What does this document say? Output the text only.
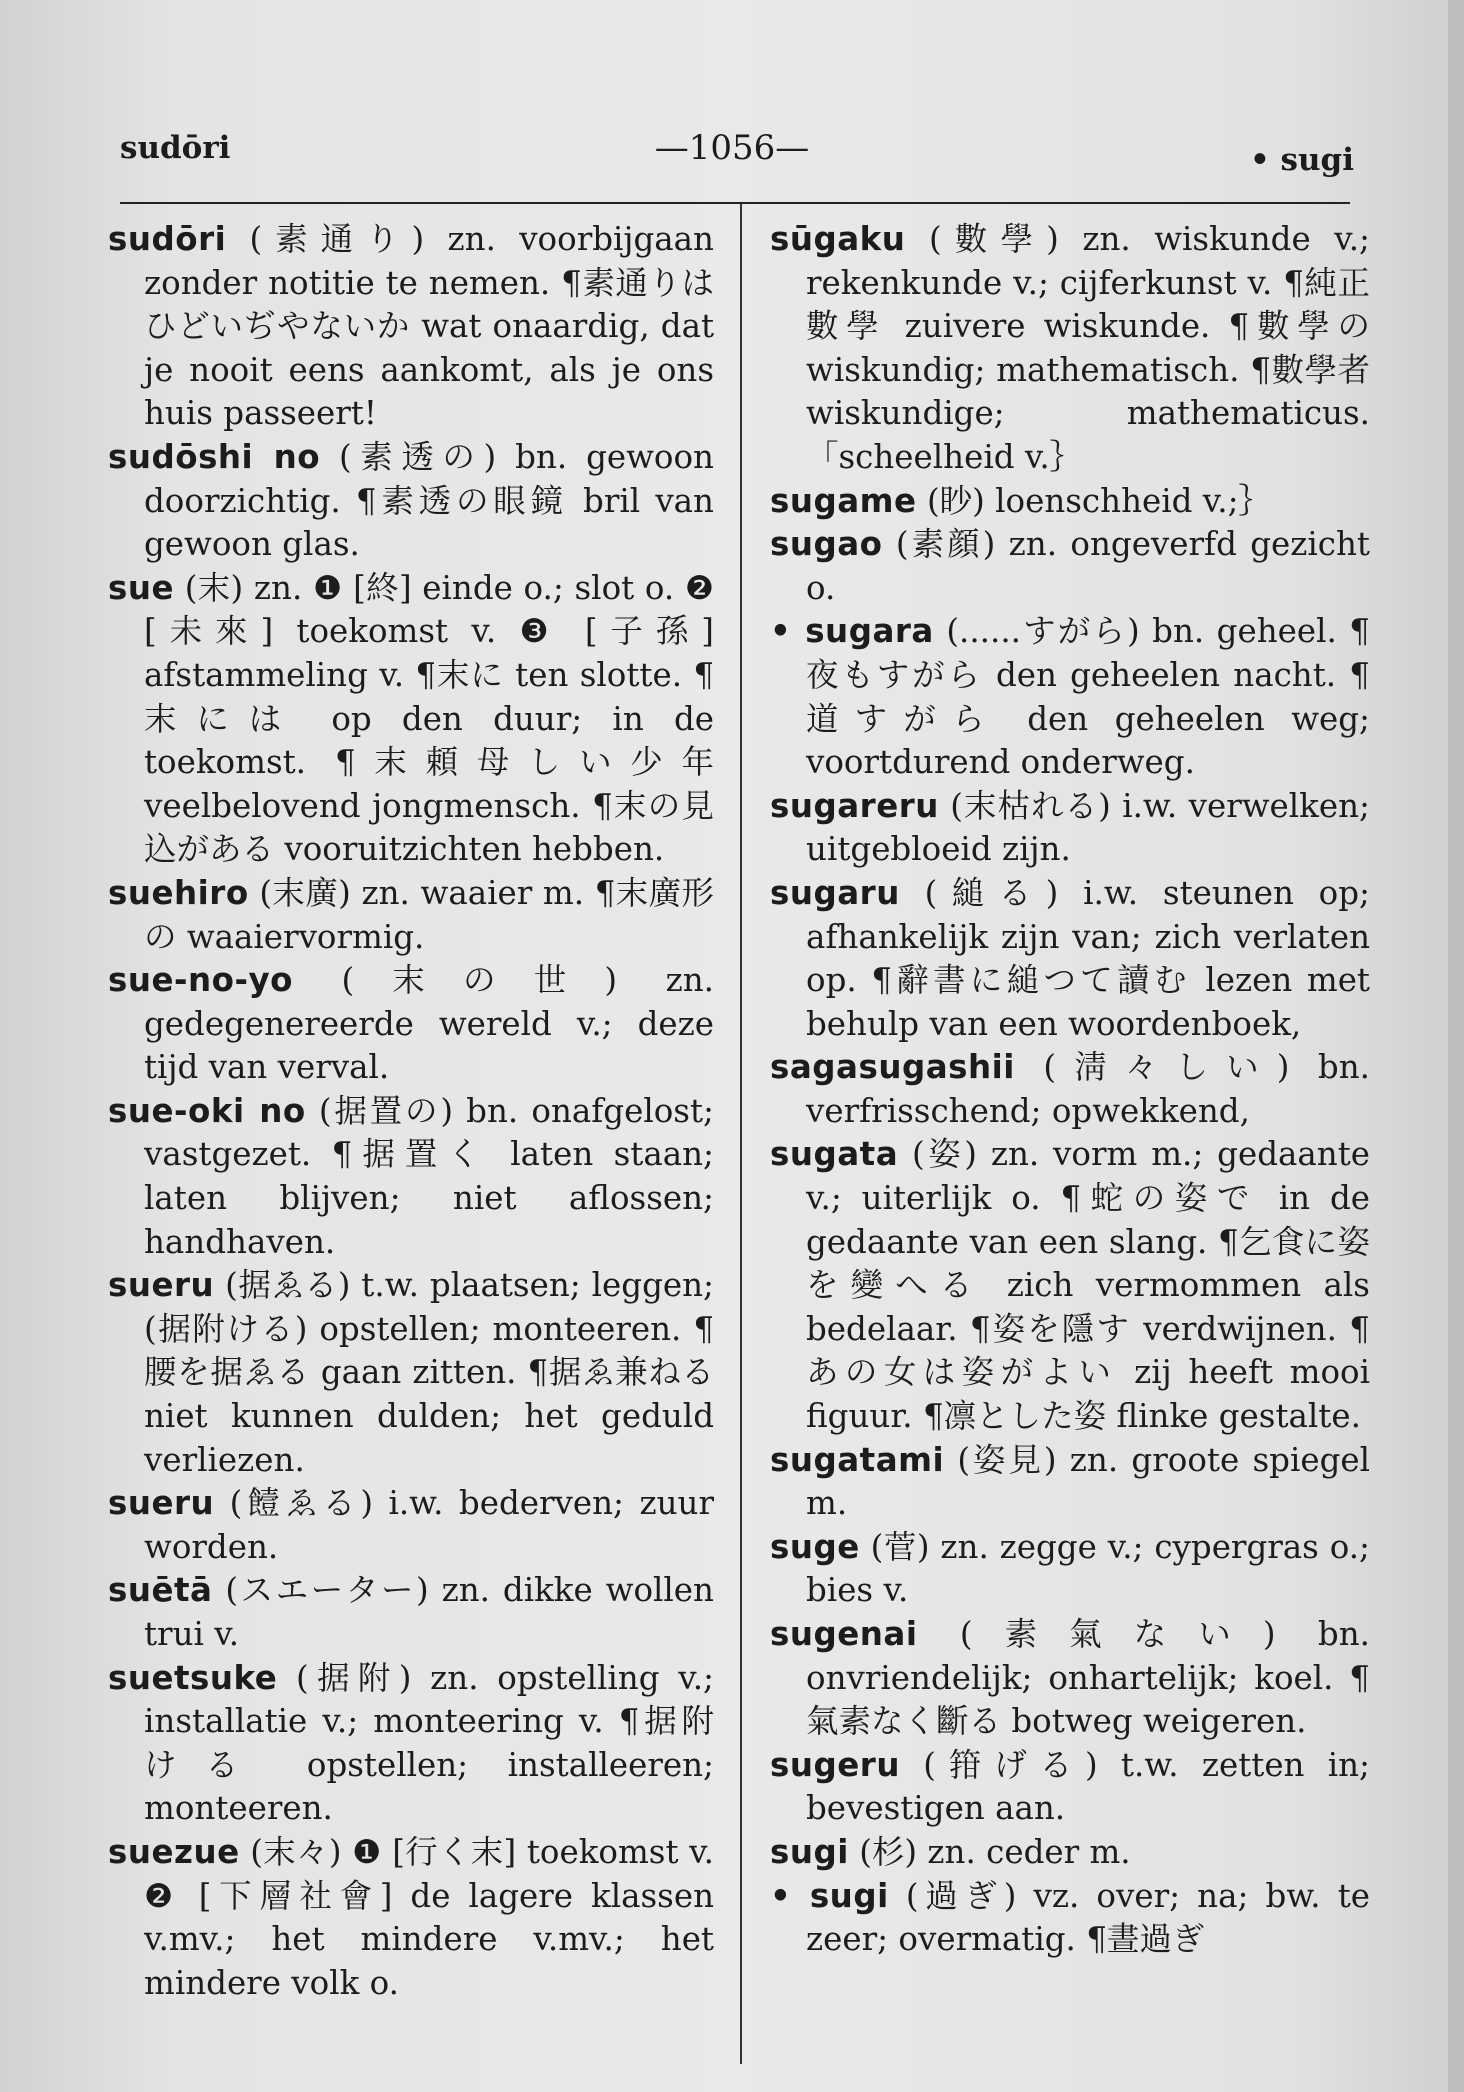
sudōri	—1056—	• sugi

sudōri (素通り) zn. voorbijgaan zonder notitie te nemen. ¶素通りはひどいぢやないか wat onaardig, dat je nooit eens aankomt, als je ons huis passeert!

sudōshi no (素透の) bn. gewoon doorzichtig. ¶素透の眼鏡 bril van gewoon glas.

sue (末) zn. ❶ [終] einde o.; slot o. ❷ [未來] toekomst v. ❸ [子孫] afstammeling v. ¶末に ten slotte. ¶末には op den duur; in de toekomst. ¶末頼母しい少年 veelbelovend jongmensch. ¶末の見込がある vooruitzichten hebben.

suehiro (末廣) zn. waaier m. ¶末廣形の waaiervormig.

sue-no-yo (末の世) zn. gedegenereerde wereld v.; deze tijd van verval.

sue-oki no (据置の) bn. onafgelost; vastgezet. ¶据置く laten staan; laten blijven; niet aflossen; handhaven.

sueru (据ゑる) t.w. plaatsen; leggen; (据附ける) opstellen; monteeren. ¶腰を据ゑる gaan zitten. ¶据ゑ兼ねる niet kunnen dulden; het geduld verliezen.

sueru (饐ゑる) i.w. bederven; zuur worden.

suētā (スエーター) zn. dikke wollen trui v.

suetsuke (据附) zn. opstelling v.; installatie v.; monteering v. ¶据附ける opstellen; installeeren; monteeren.

suezue (末々) ❶ [行く末] toekomst v. ❷ [下層社會] de lagere klassen v.mv.; het mindere v.mv.; het mindere volk o.

sūgaku (數學) zn. wiskunde v.; rekenkunde v.; cijferkunst v. ¶純正數學 zuivere wiskunde. ¶數學の wiskundig; mathematisch. ¶數學者 wiskundige; mathematicus. 「scheelheid v.｝

sugame (眇) loenschheid v.;｝

sugao (素顔) zn. ongeverfd gezicht o.

• sugara (......すがら) bn. geheel. ¶夜もすがら den geheelen nacht. ¶道すがら den geheelen weg; voortdurend onderweg.

sugareru (末枯れる) i.w. verwelken; uitgebloeid zijn.

sugaru (縋る) i.w. steunen op; afhankelijk zijn van; zich verlaten op. ¶辭書に縋つて讀む lezen met behulp van een woordenboek,

sagasugashii (淸々しい) bn. verfrisschend; opwekkend,

sugata (姿) zn. vorm m.; gedaante v.; uiterlijk o. ¶蛇の姿で in de gedaante van een slang. ¶乞食に姿を變へる zich vermommen als bedelaar. ¶姿を隱す verdwijnen. ¶あの女は姿がよい zij heeft mooi figuur. ¶凛とした姿 flinke gestalte.

sugatami (姿見) zn. groote spiegel m.

suge (菅) zn. zegge v.; cypergras o.; bies v.

sugenai (素氣ない) bn. onvriendelijk; onhartelijk; koel. ¶氣素なく斷る botweg weigeren.

sugeru (箝げる) t.w. zetten in; bevestigen aan.

sugi (杉) zn. ceder m.

• sugi (過ぎ) vz. over; na; bw. te zeer; overmatig. ¶晝過ぎ
